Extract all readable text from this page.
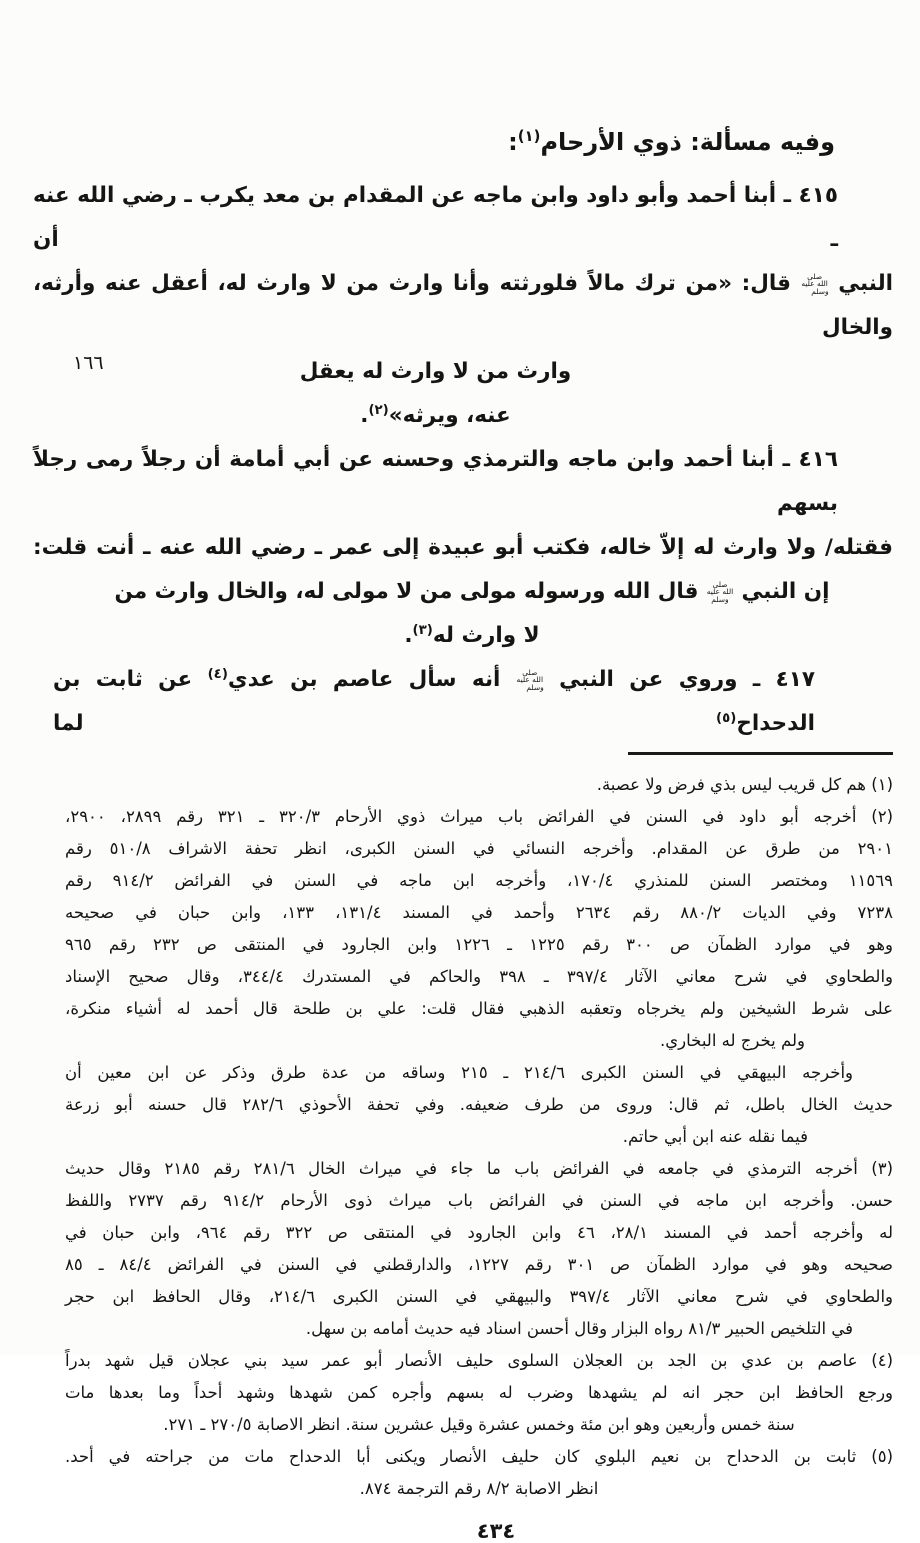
١٦٦
وفيه مسألة: ذوي الأرحام$^{(١)}$:
٤١٥ ـ أبنا أحمد وأبو داود وابن ماجه عن المقدام بن معد يكرب ـ رضي الله عنه ـ أن
النبي صلى الله عليه وسلم قال: «من ترك مالاً فلورثته وأنا وارث من لا وارث له، أعقل عنه وأرثه، والخال
وارث من لا وارث له يعقل عنه، ويرثه»$^{(٢)}$.
٤١٦ ـ أبنا أحمد وابن ماجه والترمذي وحسنه عن أبي أمامة أن رجلاً رمى رجلاً بسهم
فقتله/ ولا وارث له إلاّ خاله، فكتب أبو عبيدة إلى عمر ـ رضي الله عنه ـ أنت قلت:
إن النبي صلى الله عليه وسلم قال الله ورسوله مولى من لا مولى له، والخال وارث من لا وارث له$^{(٣)}$.
٤١٧ ـ وروي عن النبي صلى الله عليه وسلم أنه سأل عاصم بن عدي$^{(٤)}$ عن ثابت بن الدحداح$^{(٥)}$ لما
(١) هم كل قريب ليس بذي فرض ولا عصبة.
(٢) أخرجه أبو داود في السنن في الفرائض باب ميراث ذوي الأرحام ٣٢٠/٣ ـ ٣٢١ رقم ٢٨٩٩، ٢٩٠٠،
٢٩٠١ من طرق عن المقدام. وأخرجه النسائي في السنن الكبرى، انظر تحفة الاشراف ٥١٠/٨ رقم
١١٥٦٩ ومختصر السنن للمنذري ١٧٠/٤، وأخرجه ابن ماجه في السنن في الفرائض ٩١٤/٢ رقم
٧٢٣٨ وفي الديات ٨٨٠/٢ رقم ٢٦٣٤ وأحمد في المسند ١٣١/٤، ١٣٣، وابن حبان في صحيحه
وهو في موارد الظمآن ص ٣٠٠ رقم ١٢٢٥ ـ ١٢٢٦ وابن الجارود في المنتقى ص ٢٣٢ رقم ٩٦٥
والطحاوي في شرح معاني الآثار ٣٩٧/٤ ـ ٣٩٨ والحاكم في المستدرك ٣٤٤/٤، وقال صحيح الإسناد
على شرط الشيخين ولم يخرجاه وتعقبه الذهبي فقال قلت: علي بن طلحة قال أحمد له أشياء منكرة،
ولم يخرج له البخاري.
وأخرجه البيهقي في السنن الكبرى ٢١٤/٦ ـ ٢١٥ وساقه من عدة طرق وذكر عن ابن معين أن
حديث الخال باطل، ثم قال: وروى من طرف ضعيفه. وفي تحفة الأحوذي ٢٨٢/٦ قال حسنه أبو زرعة
فيما نقله عنه ابن أبي حاتم.
(٣) أخرجه الترمذي في جامعه في الفرائض باب ما جاء في ميراث الخال ٢٨١/٦ رقم ٢١٨٥ وقال حديث
حسن. وأخرجه ابن ماجه في السنن في الفرائض باب ميراث ذوى الأرحام ٩١٤/٢ رقم ٢٧٣٧ واللفظ
له وأخرجه أحمد في المسند ٢٨/١، ٤٦ وابن الجارود في المنتقى ص ٣٢٢ رقم ٩٦٤، وابن حبان في
صحيحه وهو في موارد الظمآن ص ٣٠١ رقم ١٢٢٧، والدارقطني في السنن في الفرائض ٨٤/٤ ـ ٨٥
والطحاوي في شرح معاني الآثار ٣٩٧/٤ والبيهقي في السنن الكبرى ٢١٤/٦، وقال الحافظ ابن حجر
في التلخيص الحبير ٨١/٣ رواه البزار وقال أحسن اسناد فيه حديث أمامه بن سهل.
(٤) عاصم بن عدي بن الجد بن العجلان السلوى حليف الأنصار أبو عمر سيد بني عجلان قيل شهد بدراً
ورجع الحافظ ابن حجر انه لم يشهدها وضرب له بسهم وأجره كمن شهدها وشهد أحداً وما بعدها مات
سنة خمس وأربعين وهو ابن مئة وخمس عشرة وقيل عشرين سنة. انظر الاصابة ٢٧٠/٥ ـ ٢٧١.
(٥) ثابت بن الدحداح بن نعيم البلوي كان حليف الأنصار ويكنى أبا الدحداح مات من جراحته في أحد.
انظر الاصابة ٨/٢ رقم الترجمة ٨٧٤.
٤٣٤
